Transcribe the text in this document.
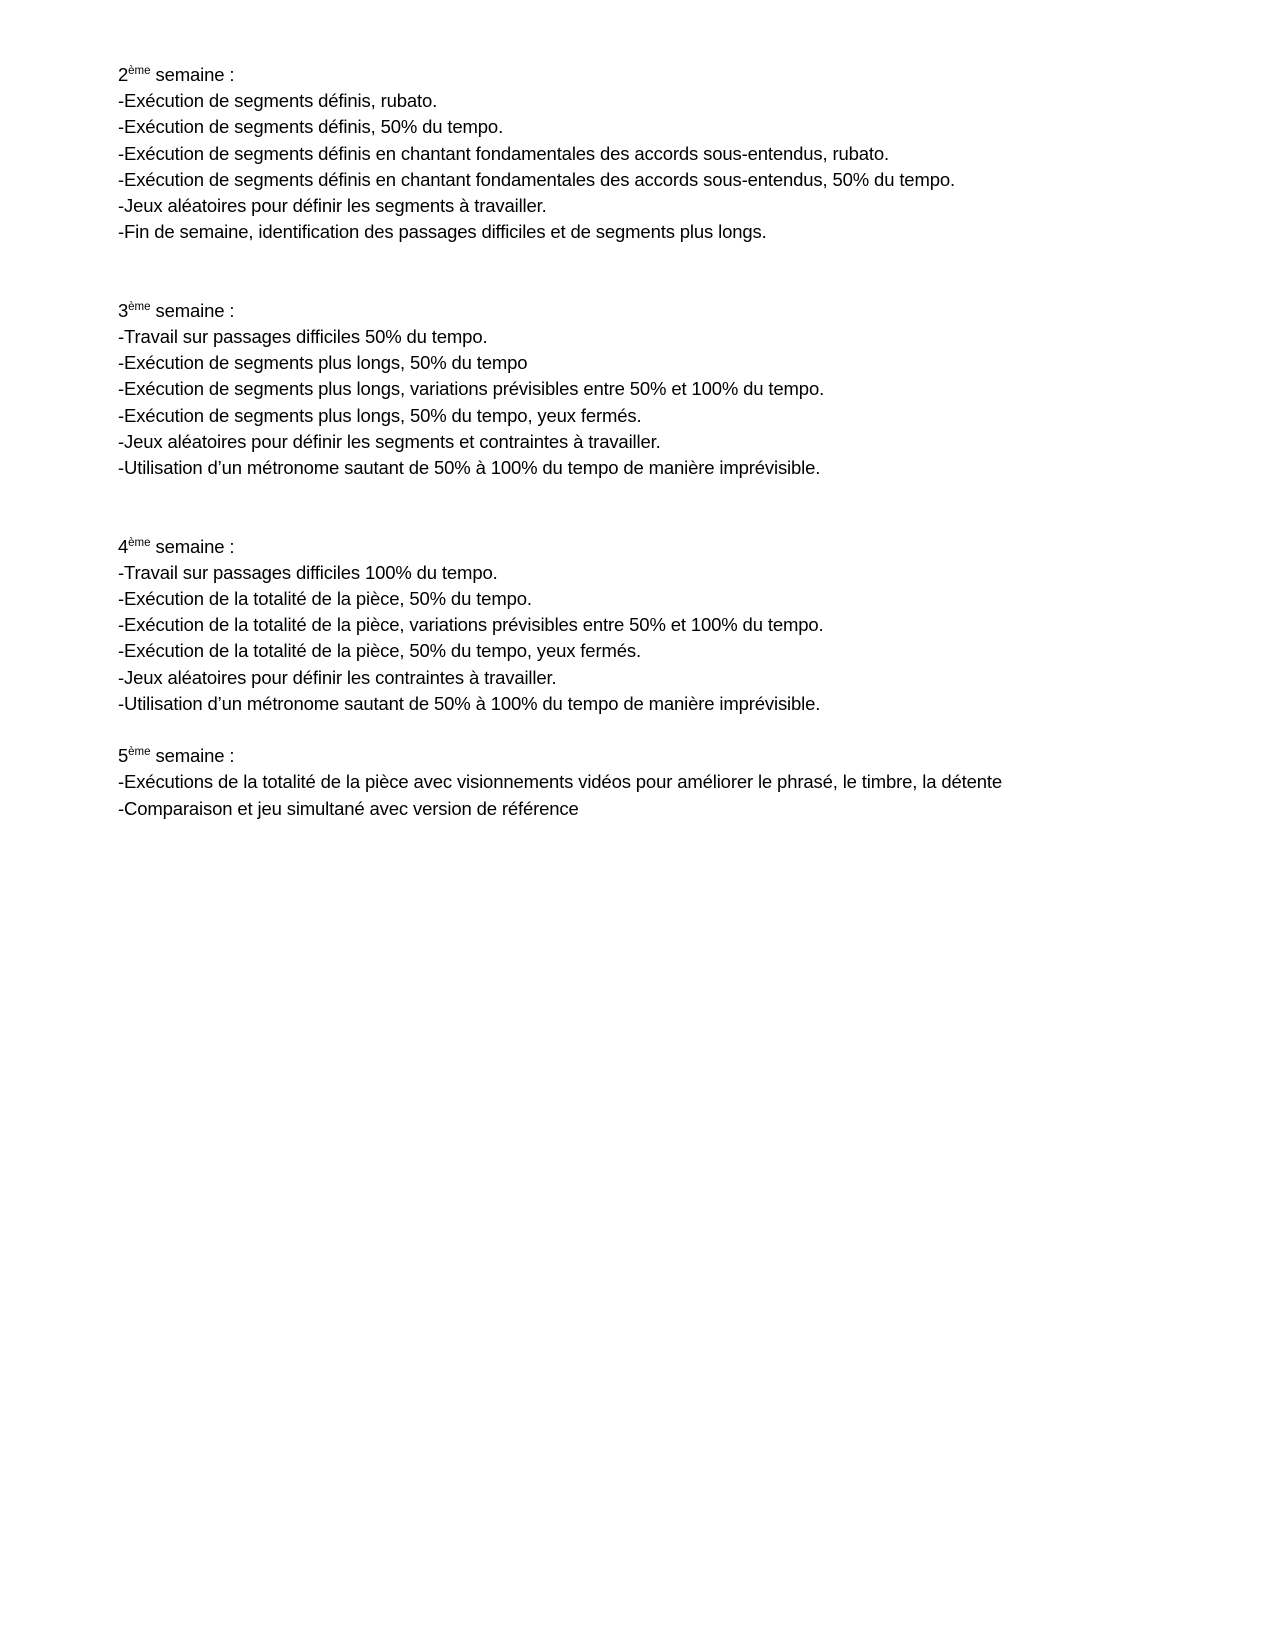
2ème semaine :
-Exécution de segments définis, rubato.
-Exécution de segments définis, 50% du tempo.
-Exécution de segments définis en chantant fondamentales des accords sous-entendus, rubato.
-Exécution de segments définis en chantant fondamentales des accords sous-entendus, 50% du tempo.
-Jeux aléatoires pour définir les segments à travailler.
-Fin de semaine, identification des passages difficiles et de segments plus longs.
3ème semaine :
-Travail sur passages difficiles 50% du tempo.
-Exécution de segments plus longs, 50% du tempo
-Exécution de segments plus longs, variations prévisibles entre 50% et 100% du tempo.
-Exécution de segments plus longs, 50% du tempo, yeux fermés.
-Jeux aléatoires pour définir les segments et contraintes à travailler.
-Utilisation d’un métronome sautant de 50% à 100% du tempo de manière imprévisible.
4ème semaine :
-Travail sur passages difficiles 100% du tempo.
-Exécution de la totalité de la pièce, 50% du tempo.
-Exécution de la totalité de la pièce, variations prévisibles entre 50% et 100% du tempo.
-Exécution de la totalité de la pièce, 50% du tempo, yeux fermés.
-Jeux aléatoires pour définir les contraintes à travailler.
-Utilisation d’un métronome sautant de 50% à 100% du tempo de manière imprévisible.
5ème semaine :
-Exécutions de la totalité de la pièce avec visionnements vidéos pour améliorer le phrasé, le timbre, la détente
-Comparaison et jeu simultané avec version de référence
